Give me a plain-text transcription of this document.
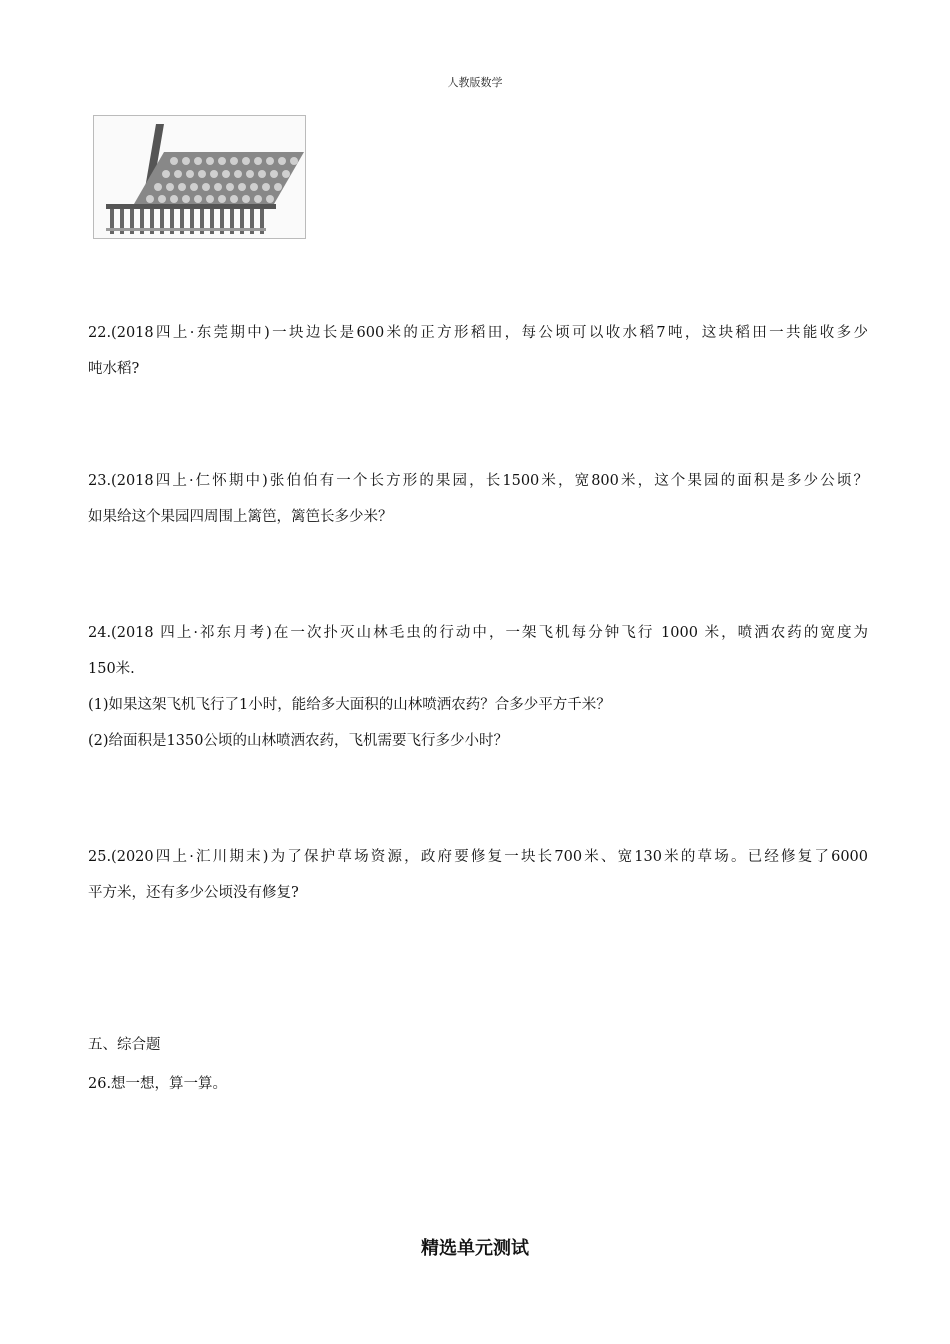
人教版数学

22.(2018四上·东莞期中)一块边长是600米的正方形稻田，每公顷可以收水稻7吨，这块稻田一共能收多少

吨水稻?

23.(2018四上·仁怀期中)张伯伯有一个长方形的果园，长1500米，宽800米，这个果园的面积是多少公顷？

如果给这个果园四周围上篱笆，篱笆长多少米？

24.(2018 四上·祁东月考)在一次扑灭山林毛虫的行动中，一架飞机每分钟飞行 1000 米，喷洒农药的宽度为

150米.

(1)如果这架飞机飞行了1小时，能给多大面积的山林喷洒农药？合多少平方千米？

(2)给面积是1350公顷的山林喷洒农药，飞机需要飞行多少小时？

25.(2020四上·汇川期末)为了保护草场资源，政府要修复一块长700米、宽130米的草场。已经修复了6000

平方米，还有多少公顷没有修复?

五、综合题
26.想一想，算一算。
精选单元测试
